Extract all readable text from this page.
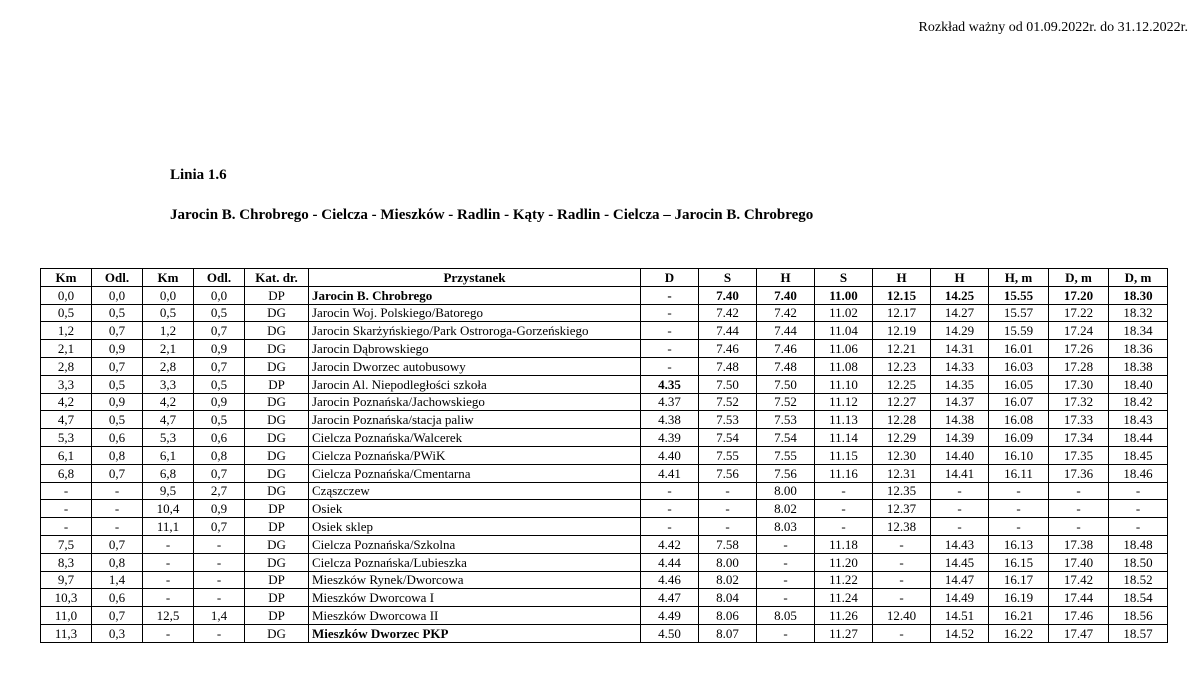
Rozkład ważny od 01.09.2022r. do 31.12.2022r.
Linia 1.6
Jarocin B. Chrobrego - Cielcza - Mieszków - Radlin - Kąty - Radlin - Cielcza – Jarocin B. Chrobrego
Km	Odl.	Km	Odl.	Kat. dr.	Przystanek	D	S	H	S	H	H	H, m	D, m	D, m
0,0	0,0	0,0	0,0	DP	Jarocin B. Chrobrego	-	7.40	7.40	11.00	12.15	14.25	15.55	17.20	18.30
0,5	0,5	0,5	0,5	DG	Jarocin Woj. Polskiego/Batorego	-	7.42	7.42	11.02	12.17	14.27	15.57	17.22	18.32
1,2	0,7	1,2	0,7	DG	Jarocin Skarżyńskiego/Park Ostroroga-Gorzeńskiego	-	7.44	7.44	11.04	12.19	14.29	15.59	17.24	18.34
2,1	0,9	2,1	0,9	DG	Jarocin Dąbrowskiego	-	7.46	7.46	11.06	12.21	14.31	16.01	17.26	18.36
2,8	0,7	2,8	0,7	DG	Jarocin Dworzec autobusowy	-	7.48	7.48	11.08	12.23	14.33	16.03	17.28	18.38
3,3	0,5	3,3	0,5	DP	Jarocin Al. Niepodległości szkoła	4.35	7.50	7.50	11.10	12.25	14.35	16.05	17.30	18.40
4,2	0,9	4,2	0,9	DG	Jarocin Poznańska/Jachowskiego	4.37	7.52	7.52	11.12	12.27	14.37	16.07	17.32	18.42
4,7	0,5	4,7	0,5	DG	Jarocin Poznańska/stacja paliw	4.38	7.53	7.53	11.13	12.28	14.38	16.08	17.33	18.43
5,3	0,6	5,3	0,6	DG	Cielcza Poznańska/Walcerek	4.39	7.54	7.54	11.14	12.29	14.39	16.09	17.34	18.44
6,1	0,8	6,1	0,8	DG	Cielcza Poznańska/PWiK	4.40	7.55	7.55	11.15	12.30	14.40	16.10	17.35	18.45
6,8	0,7	6,8	0,7	DG	Cielcza Poznańska/Cmentarna	4.41	7.56	7.56	11.16	12.31	14.41	16.11	17.36	18.46
-	-	9,5	2,7	DG	Cząszczew	-	-	8.00	-	12.35	-	-	-	-
-	-	10,4	0,9	DP	Osiek	-	-	8.02	-	12.37	-	-	-	-
-	-	11,1	0,7	DP	Osiek sklep	-	-	8.03	-	12.38	-	-	-	-
7,5	0,7	-	-	DG	Cielcza Poznańska/Szkolna	4.42	7.58	-	11.18	-	14.43	16.13	17.38	18.48
8,3	0,8	-	-	DG	Cielcza Poznańska/Lubieszka	4.44	8.00	-	11.20	-	14.45	16.15	17.40	18.50
9,7	1,4	-	-	DP	Mieszków Rynek/Dworcowa	4.46	8.02	-	11.22	-	14.47	16.17	17.42	18.52
10,3	0,6	-	-	DP	Mieszków Dworcowa I	4.47	8.04	-	11.24	-	14.49	16.19	17.44	18.54
11,0	0,7	12,5	1,4	DP	Mieszków Dworcowa II	4.49	8.06	8.05	11.26	12.40	14.51	16.21	17.46	18.56
11,3	0,3	-	-	DG	Mieszków Dworzec PKP	4.50	8.07	-	11.27	-	14.52	16.22	17.47	18.57
